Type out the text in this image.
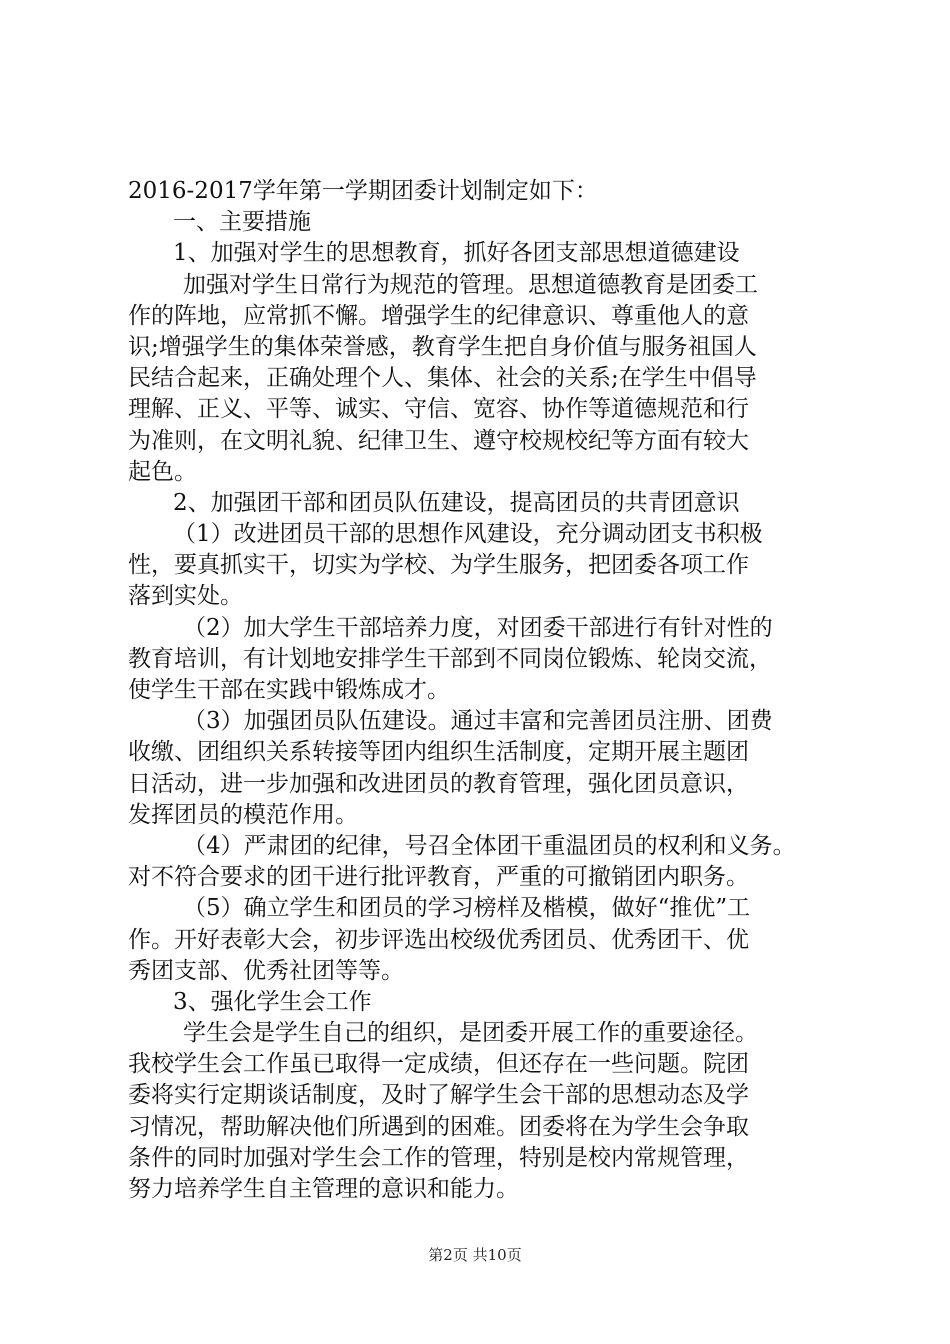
2016-2017学年第一学期团委计划制定如下：
一、主要措施
1、加强对学生的思想教育，抓好各团支部思想道德建设
加强对学生日常行为规范的管理。思想道德教育是团委工
作的阵地，应常抓不懈。增强学生的纪律意识、尊重他人的意
识;增强学生的集体荣誉感，教育学生把自身价值与服务祖国人
民结合起来，正确处理个人、集体、社会的关系;在学生中倡导
理解、正义、平等、诚实、守信、宽容、协作等道德规范和行
为准则，在文明礼貌、纪律卫生、遵守校规校纪等方面有较大
起色。
2、加强团干部和团员队伍建设，提高团员的共青团意识
（1）改进团员干部的思想作风建设，充分调动团支书积极
性，要真抓实干，切实为学校、为学生服务，把团委各项工作
落到实处。
（2）加大学生干部培养力度，对团委干部进行有针对性的
教育培训，有计划地安排学生干部到不同岗位锻炼、轮岗交流，
使学生干部在实践中锻炼成才。
（3）加强团员队伍建设。通过丰富和完善团员注册、团费
收缴、团组织关系转接等团内组织生活制度，定期开展主题团
日活动，进一步加强和改进团员的教育管理，强化团员意识，
发挥团员的模范作用。
（4）严肃团的纪律，号召全体团干重温团员的权利和义务。
对不符合要求的团干进行批评教育，严重的可撤销团内职务。
（5）确立学生和团员的学习榜样及楷模，做好“推优”工
作。开好表彰大会，初步评选出校级优秀团员、优秀团干、优
秀团支部、优秀社团等等。
3、强化学生会工作
学生会是学生自己的组织，是团委开展工作的重要途径。
我校学生会工作虽已取得一定成绩，但还存在一些问题。院团
委将实行定期谈话制度，及时了解学生会干部的思想动态及学
习情况，帮助解决他们所遇到的困难。团委将在为学生会争取
条件的同时加强对学生会工作的管理，特别是校内常规管理，
努力培养学生自主管理的意识和能力。
第2页 共10页
